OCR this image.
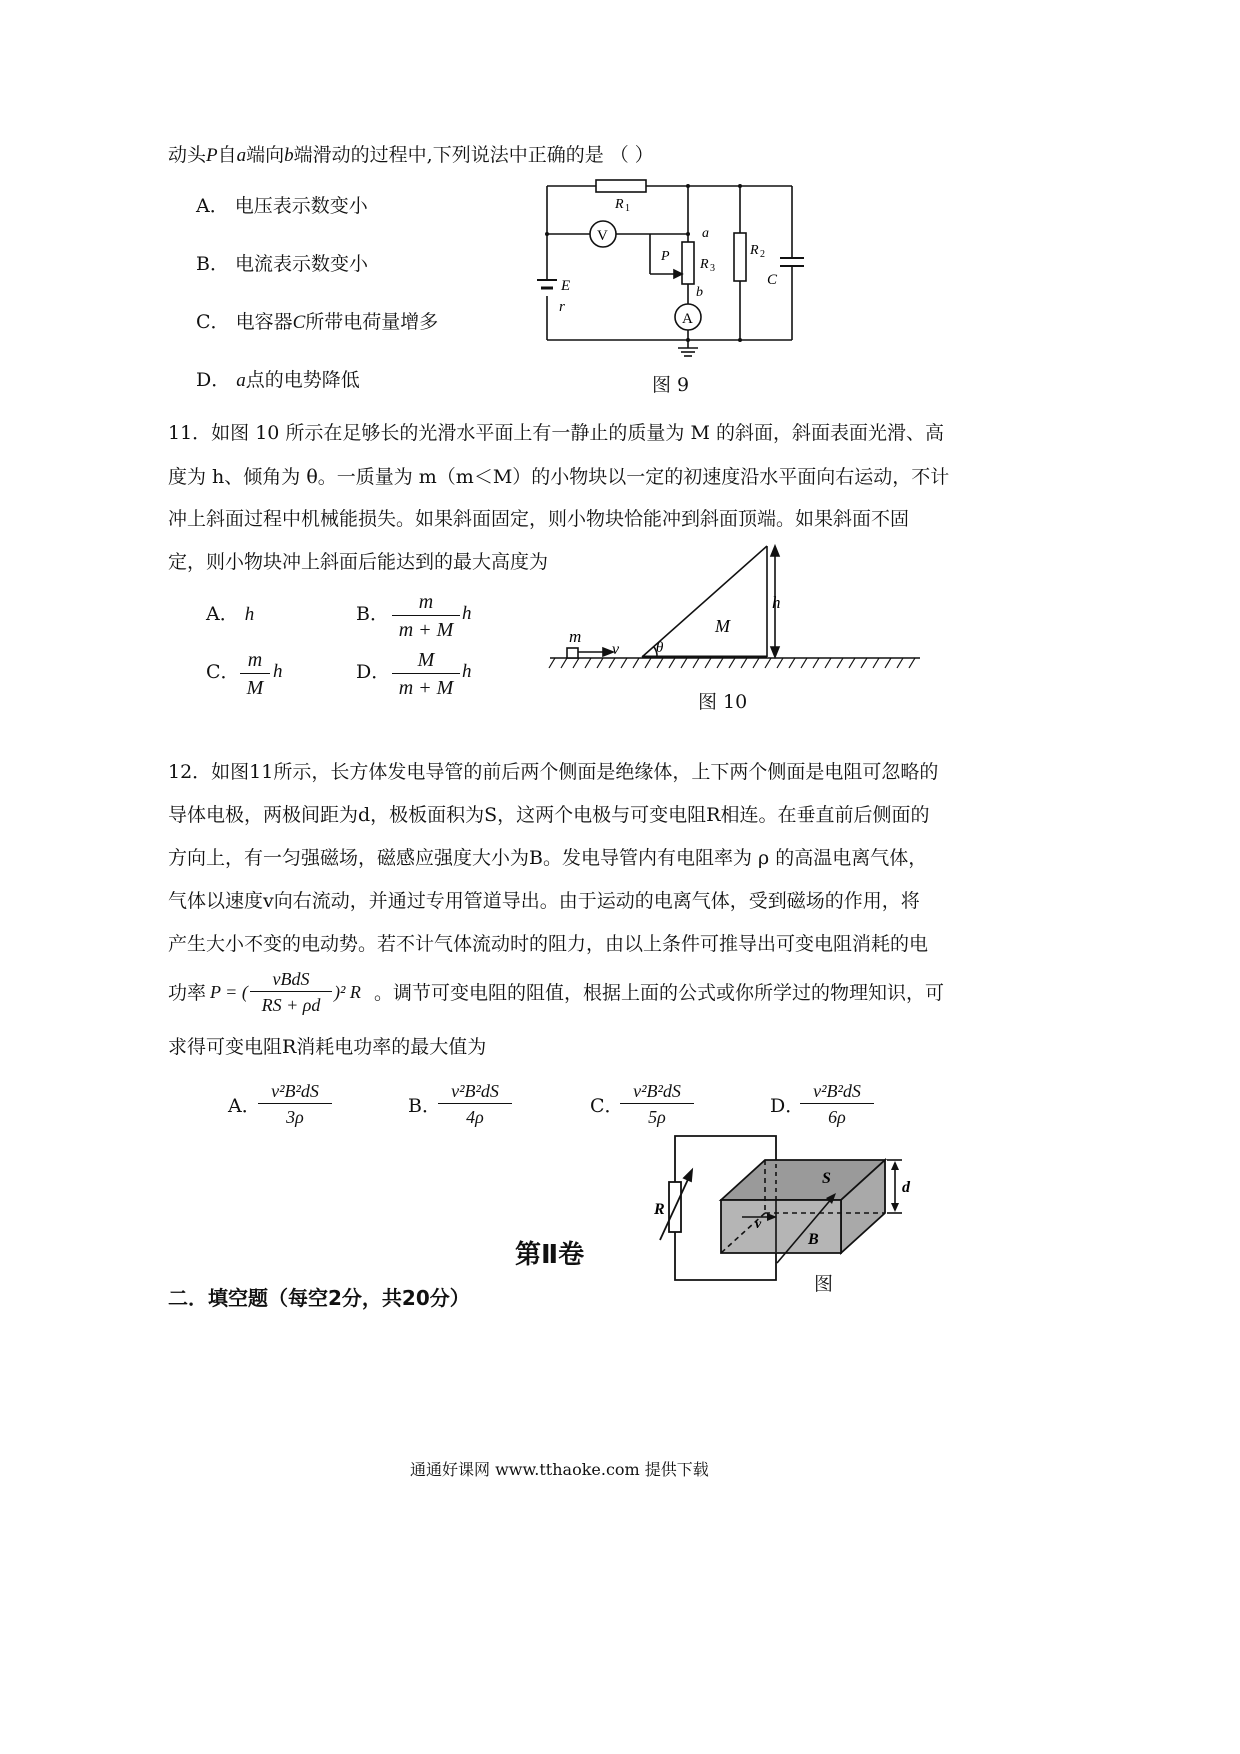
动头P自a端向b端滑动的过程中,下列说法中正确的是 （ ）
A． 电压表示数变小
B． 电流表示数变小
C． 电容器C所带电荷量增多
D． a点的电势降低
V
A
R 1
R 3
R 2
C
E
r
P
a
b
图 9
11．如图 10 所示在足够长的光滑水平面上有一静止的质量为 M 的斜面，斜面表面光滑、高
度为 h、倾角为 θ。一质量为 m（m＜M）的小物块以一定的初速度沿水平面向右运动，不计
冲上斜面过程中机械能损失。如果斜面固定，则小物块恰能冲到斜面顶端。如果斜面不固
定，则小物块冲上斜面后能达到的最大高度为
A． h	B． $\frac{m}{m + M}$ h
C． $\frac{m}{M}$ h	D． $\frac{M}{m + M}$ h
m
v θ
M
h
图 10
12．如图11所示，长方体发电导管的前后两个侧面是绝缘体，上下两个侧面是电阻可忽略的
导体电极，两极间距为d，极板面积为S，这两个电极与可变电阻R相连。在垂直前后侧面的
方向上，有一匀强磁场，磁感应强度大小为B。发电导管内有电阻率为 ρ 的高温电离气体，
气体以速度v向右流动，并通过专用管道导出。由于运动的电离气体，受到磁场的作用，将
产生大小不变的电动势。若不计气体流动时的阻力，由以上条件可推导出可变电阻消耗的电
功率 P = (
vBdS
RS + ρd
)² R 。调节可变电阻的阻值，根据上面的公式或你所学过的物理知识，可
求得可变电阻R消耗电功率的最大值为
A．
$\frac{\text{v²B²dS}}{3\rho}$	B．
$\frac{\text{v²B²dS}}{4\rho}$	C．
$\frac{\text{v²B²dS}}{5\rho}$	D．
$\frac{\text{v²B²dS}}{6\rho}$
R
S
d
v
B
图
第Ⅱ卷
二．填空题（每空2分，共20分）
通通好课网 www.tthaoke.com 提供下载
